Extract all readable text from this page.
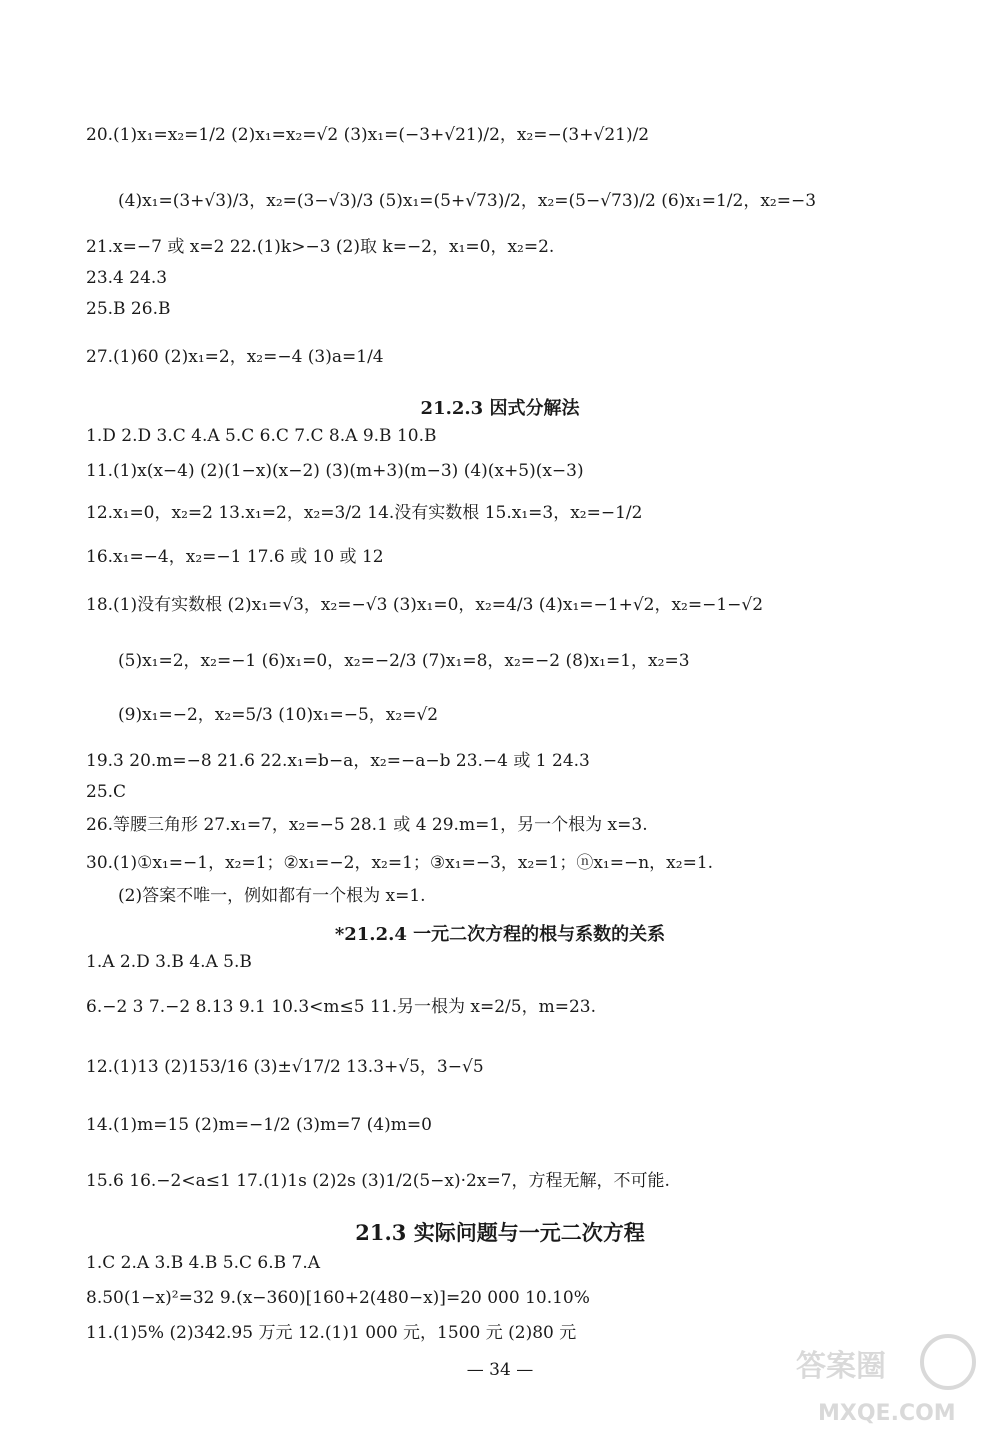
20.(1)x₁=x₂=1/2 (2)x₁=x₂=√2 (3)x₁=(−3+√21)/2，x₂=−(3+√21)/2
(4)x₁=(3+√3)/3，x₂=(3−√3)/3 (5)x₁=(5+√73)/2，x₂=(5−√73)/2 (6)x₁=1/2，x₂=−3
21.x=−7 或 x=2 22.(1)k>−3 (2)取 k=−2，x₁=0，x₂=2.
23.4 24.3
25.B 26.B
27.(1)60 (2)x₁=2，x₂=−4 (3)a=1/4
21.2.3 因式分解法
1.D 2.D 3.C 4.A 5.C 6.C 7.C 8.A 9.B 10.B
11.(1)x(x−4) (2)(1−x)(x−2) (3)(m+3)(m−3) (4)(x+5)(x−3)
12.x₁=0，x₂=2 13.x₁=2，x₂=3/2 14.没有实数根 15.x₁=3，x₂=−1/2
16.x₁=−4，x₂=−1 17.6 或 10 或 12
18.(1)没有实数根 (2)x₁=√3，x₂=−√3 (3)x₁=0，x₂=4/3 (4)x₁=−1+√2，x₂=−1−√2
(5)x₁=2，x₂=−1 (6)x₁=0，x₂=−2/3 (7)x₁=8，x₂=−2 (8)x₁=1，x₂=3
(9)x₁=−2，x₂=5/3 (10)x₁=−5，x₂=√2
19.3 20.m=−8 21.6 22.x₁=b−a，x₂=−a−b 23.−4 或 1 24.3
25.C
26.等腰三角形 27.x₁=7，x₂=−5 28.1 或 4 29.m=1，另一个根为 x=3.
30.(1)①x₁=−1，x₂=1；②x₁=−2，x₂=1；③x₁=−3，x₂=1；ⓝx₁=−n，x₂=1.
(2)答案不唯一，例如都有一个根为 x=1.
*21.2.4 一元二次方程的根与系数的关系
1.A 2.D 3.B 4.A 5.B
6.−2 3 7.−2 8.13 9.1 10.3<m≤5 11.另一根为 x=2/5，m=23.
12.(1)13 (2)153/16 (3)±√17/2 13.3+√5，3−√5
14.(1)m=15 (2)m=−1/2 (3)m=7 (4)m=0
15.6 16.−2<a≤1 17.(1)1s (2)2s (3)1/2(5−x)·2x=7，方程无解，不可能.
21.3 实际问题与一元二次方程
1.C 2.A 3.B 4.B 5.C 6.B 7.A
8.50(1−x)²=32 9.(x−360)[160+2(480−x)]=20 000 10.10%
11.(1)5% (2)342.95 万元 12.(1)1 000 元，1500 元 (2)80 元
— 34 —	答案圈
MXQE.COM
